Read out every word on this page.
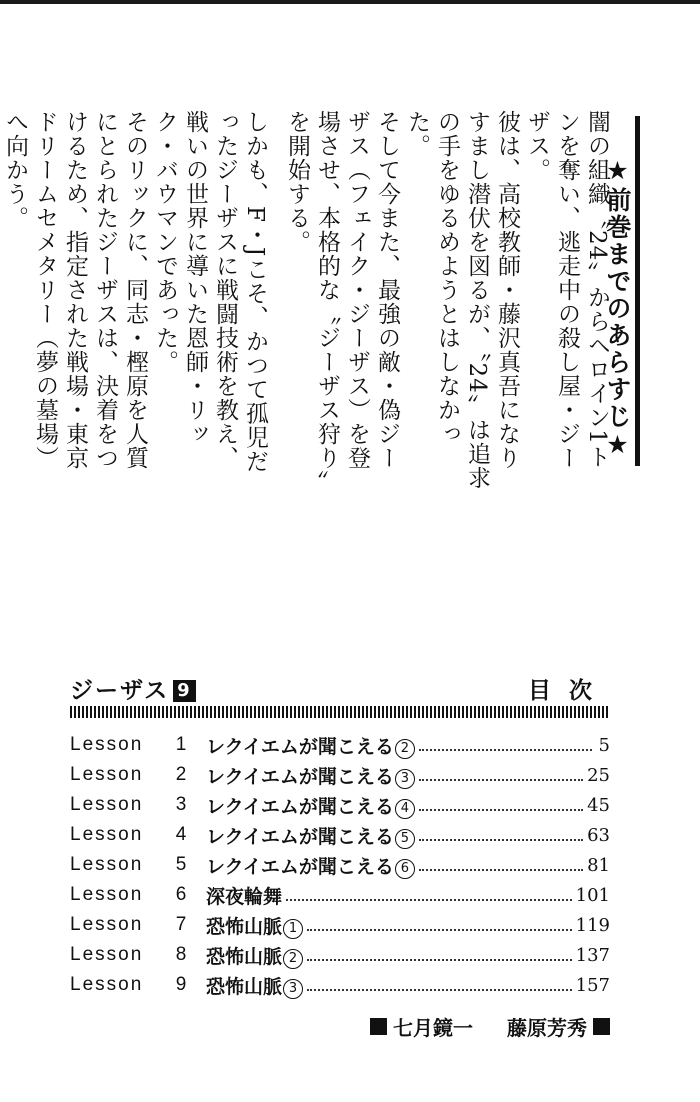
★前巻までのあらすじ★

闇の組織〝24〟からヘロイン1トンを奪い、逃走中の殺し屋・ジーザス。

彼は、高校教師・藤沢真吾になりすまし潜伏を図るが、〝24〟は追求の手をゆるめようとはしなかった。

そして今また、最強の敵・偽ジーザス（フェイク・ジーザス）を登場させ、本格的な〝ジーザス狩り〟を開始する。

しかも、F・Jこそ、かつて孤児だったジーザスに戦闘技術を教え、戦いの世界に導いた恩師・リック・バウマンであった。

そのリックに、同志・樫原を人質にとられたジーザスは、決着をつけるため、指定された戦場・東京ドリームセメタリー（夢の墓場）へ向かう。

ジーザス 9	目次
Lesson	1	レクイエムが聞こえる 2	5
Lesson	2	レクイエムが聞こえる 3	25
Lesson	3	レクイエムが聞こえる 4	45
Lesson	4	レクイエムが聞こえる 5	63
Lesson	5	レクイエムが聞こえる 6	81
Lesson	6	深夜輪舞	101
Lesson	7	恐怖山脈 1	119
Lesson	8	恐怖山脈 2	137
Lesson	9	恐怖山脈 3	157
七月鏡一 藤原芳秀
